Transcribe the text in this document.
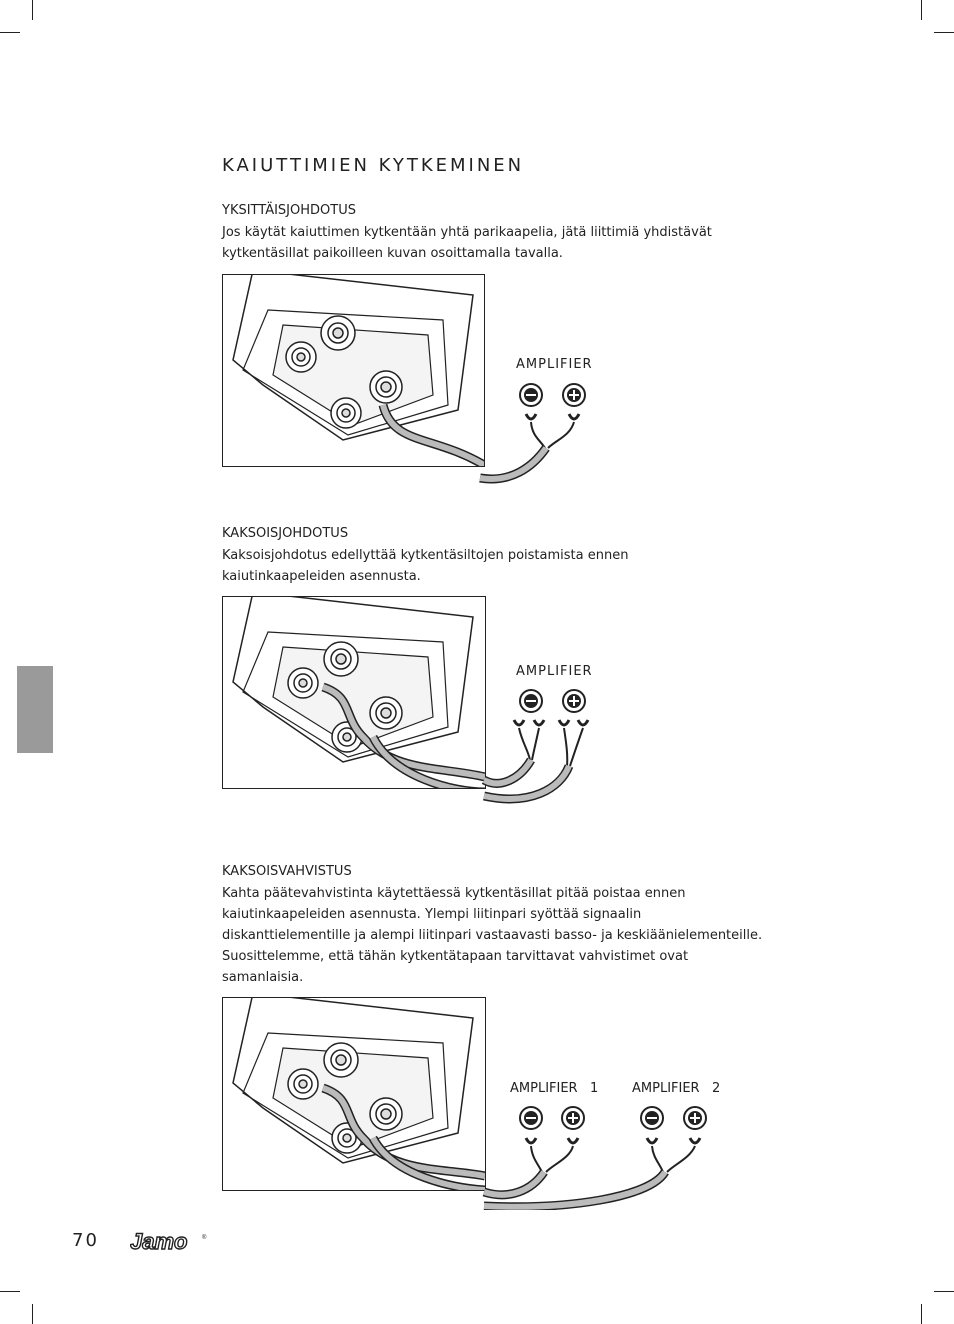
KAIUTTIMIEN KYTKEMINEN
YKSITTÄISJOHDOTUS
Jos käytät kaiuttimen kytkentään yhtä parikaapelia, jätä liittimiä yhdistävät
kytkentäsillat paikoilleen kuvan osoittamalla tavalla.
AMPLIFIER
KAKSOISJOHDOTUS
Kaksoisjohdotus edellyttää kytkentäsiltojen poistamista ennen
kaiutinkaapeleiden asennusta.
AMPLIFIER
KAKSOISVAHVISTUS
Kahta päätevahvistinta käytettäessä kytkentäsillat pitää poistaa ennen
kaiutinkaapeleiden asennusta. Ylempi liitinpari syöttää signaalin
diskanttielementille ja alempi liitinpari vastaavasti basso- ja keskiäänielementeille.
Suosittelemme, että tähän kytkentätapaan tarvittavat vahvistimet ovat
samanlaisia.
AMPLIFIER   1	AMPLIFIER   2
70 Jamo ®
